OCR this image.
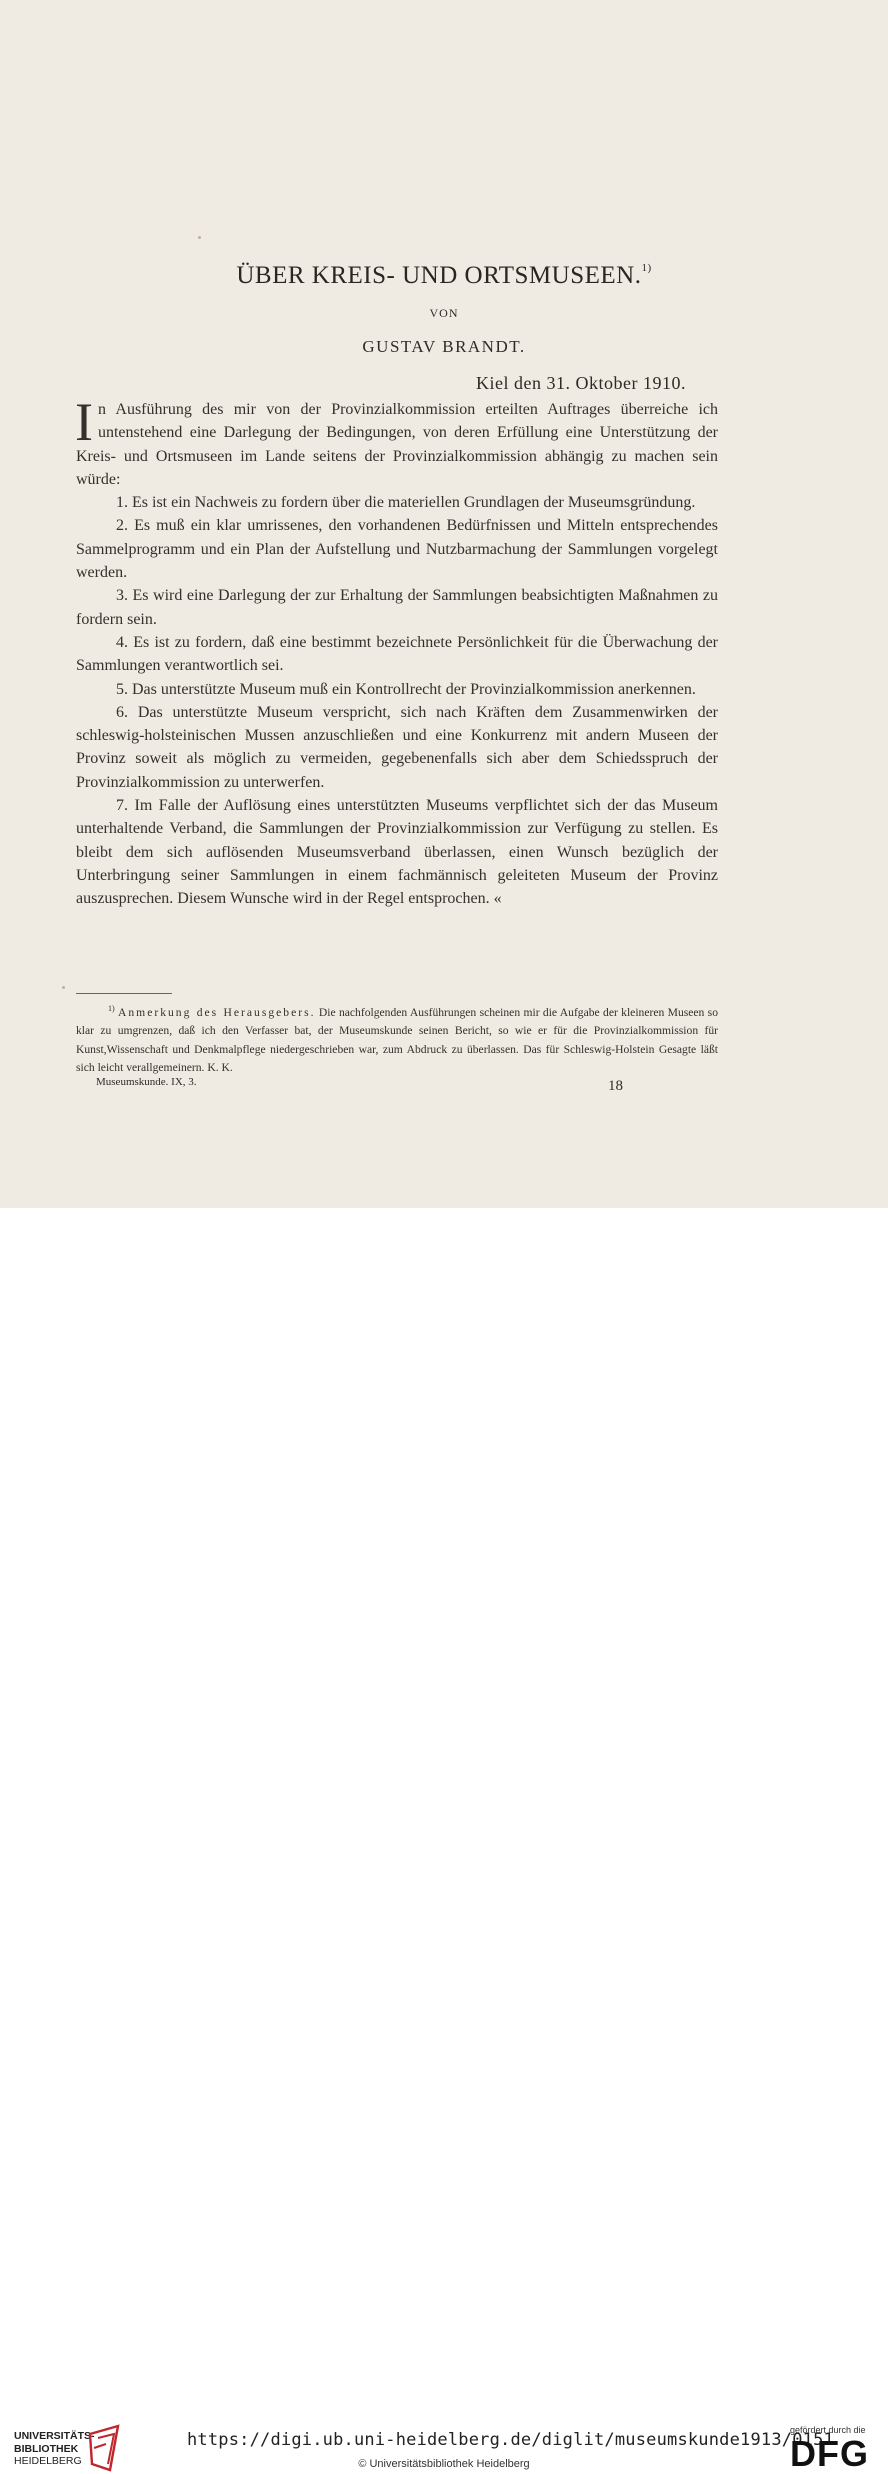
ÜBER KREIS- UND ORTSMUSEEN.$^{1)}$
VON
GUSTAV BRANDT.
Kiel den 31. Oktober 1910.

In Ausführung des mir von der Provinzialkommission erteilten Auftrages überreiche ich untenstehend eine Darlegung der Bedingungen, von deren Erfüllung eine Unterstützung der Kreis- und Ortsmuseen im Lande seitens der Provinzialkommission abhängig zu machen sein würde:

1. Es ist ein Nachweis zu fordern über die materiellen Grundlagen der Museumsgründung.

2. Es muß ein klar umrissenes, den vorhandenen Bedürfnissen und Mitteln entsprechendes Sammelprogramm und ein Plan der Aufstellung und Nutzbarmachung der Sammlungen vorgelegt werden.

3. Es wird eine Darlegung der zur Erhaltung der Sammlungen beabsichtigten Maßnahmen zu fordern sein.

4. Es ist zu fordern, daß eine bestimmt bezeichnete Persönlichkeit für die Überwachung der Sammlungen verantwortlich sei.

5. Das unterstützte Museum muß ein Kontrollrecht der Provinzialkommission anerkennen.

6. Das unterstützte Museum verspricht, sich nach Kräften dem Zusammenwirken der schleswig-holsteinischen Mussen anzuschließen und eine Konkurrenz mit andern Museen der Provinz soweit als möglich zu vermeiden, gegebenenfalls sich aber dem Schiedsspruch der Provinzialkommission zu unterwerfen.

7. Im Falle der Auflösung eines unterstützten Museums verpflichtet sich der das Museum unterhaltende Verband, die Sammlungen der Provinzialkommission zur Verfügung zu stellen. Es bleibt dem sich auflösenden Museumsverband überlassen, einen Wunsch bezüglich der Unterbringung seiner Sammlungen in einem fachmännisch geleiteten Museum der Provinz auszusprechen. Diesem Wunsche wird in der Regel entsprochen. «

$^{1)}$ Anmerkung des Herausgebers. Die nachfolgenden Ausführungen scheinen mir die Aufgabe der kleineren Museen so klar zu umgrenzen, daß ich den Verfasser bat, der Museumskunde seinen Bericht, so wie er für die Provinzialkommission für Kunst,Wissenschaft und Denkmalpflege niedergeschrieben war, zum Abdruck zu überlassen. Das für Schleswig-Holstein Gesagte läßt sich leicht verallgemeinern. K. K.

Museumskunde. IX, 3.	18
UNIVERSITÄTS-
BIBLIOTHEK
HEIDELBERG
https://digi.ub.uni-heidelberg.de/diglit/museumskunde1913/0151
© Universitätsbibliothek Heidelberg
gefördert durch die
DFG
